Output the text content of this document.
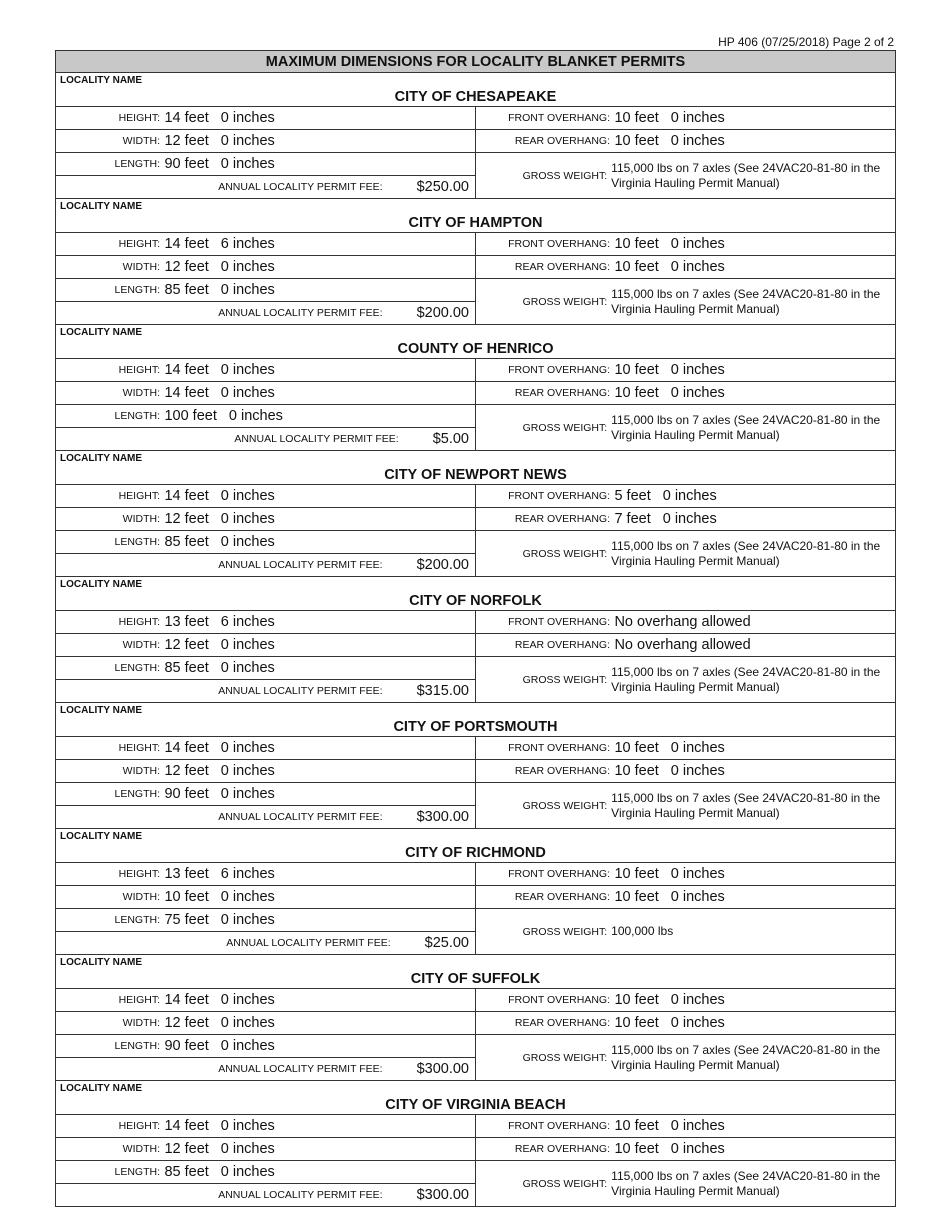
HP 406 (07/25/2018) Page 2 of 2
MAXIMUM DIMENSIONS FOR LOCALITY BLANKET PERMITS	

LOCALITY NAME
CITY OF CHESAPEAKE	

HEIGHT: 14 feet 0 inches	FRONT OVERHANG: 10 feet 0 inches
WIDTH: 12 feet 0 inches	REAR OVERHANG: 10 feet 0 inches
LENGTH: 90 feet 0 inches	GROSS WEIGHT:
115,000 lbs on 7 axles (See 24VAC20-81-80 in the Virginia Hauling Permit Manual)

ANNUAL LOCALITY PERMIT FEE: $250.00	

LOCALITY NAME
CITY OF HAMPTON	

HEIGHT: 14 feet 6 inches	FRONT OVERHANG: 10 feet 0 inches
WIDTH: 12 feet 0 inches	REAR OVERHANG: 10 feet 0 inches
LENGTH: 85 feet 0 inches	GROSS WEIGHT:
115,000 lbs on 7 axles (See 24VAC20-81-80 in the Virginia Hauling Permit Manual)

ANNUAL LOCALITY PERMIT FEE: $200.00	

LOCALITY NAME
COUNTY OF HENRICO	

HEIGHT: 14 feet 0 inches	FRONT OVERHANG: 10 feet 0 inches
WIDTH: 14 feet 0 inches	REAR OVERHANG: 10 feet 0 inches
LENGTH: 100 feet 0 inches	GROSS WEIGHT:
115,000 lbs on 7 axles (See 24VAC20-81-80 in the Virginia Hauling Permit Manual)

ANNUAL LOCALITY PERMIT FEE: $5.00	

LOCALITY NAME
CITY OF NEWPORT NEWS	

HEIGHT: 14 feet 0 inches	FRONT OVERHANG: 5 feet 0 inches
WIDTH: 12 feet 0 inches	REAR OVERHANG: 7 feet 0 inches
LENGTH: 85 feet 0 inches	GROSS WEIGHT:
115,000 lbs on 7 axles (See 24VAC20-81-80 in the Virginia Hauling Permit Manual)

ANNUAL LOCALITY PERMIT FEE: $200.00	

LOCALITY NAME
CITY OF NORFOLK	

HEIGHT: 13 feet 6 inches	FRONT OVERHANG: No overhang allowed
WIDTH: 12 feet 0 inches	REAR OVERHANG: No overhang allowed
LENGTH: 85 feet 0 inches	GROSS WEIGHT:
115,000 lbs on 7 axles (See 24VAC20-81-80 in the Virginia Hauling Permit Manual)

ANNUAL LOCALITY PERMIT FEE: $315.00	

LOCALITY NAME
CITY OF PORTSMOUTH	

HEIGHT: 14 feet 0 inches	FRONT OVERHANG: 10 feet 0 inches
WIDTH: 12 feet 0 inches	REAR OVERHANG: 10 feet 0 inches
LENGTH: 90 feet 0 inches	GROSS WEIGHT:
115,000 lbs on 7 axles (See 24VAC20-81-80 in the Virginia Hauling Permit Manual)

ANNUAL LOCALITY PERMIT FEE: $300.00	

LOCALITY NAME
CITY OF RICHMOND	

HEIGHT: 13 feet 6 inches	FRONT OVERHANG: 10 feet 0 inches
WIDTH: 10 feet 0 inches	REAR OVERHANG: 10 feet 0 inches
LENGTH: 75 feet 0 inches	GROSS WEIGHT: 100,000 lbs

ANNUAL LOCALITY PERMIT FEE: $25.00	

LOCALITY NAME
CITY OF SUFFOLK	

HEIGHT: 14 feet 0 inches	FRONT OVERHANG: 10 feet 0 inches
WIDTH: 12 feet 0 inches	REAR OVERHANG: 10 feet 0 inches
LENGTH: 90 feet 0 inches	GROSS WEIGHT:
115,000 lbs on 7 axles (See 24VAC20-81-80 in the Virginia Hauling Permit Manual)

ANNUAL LOCALITY PERMIT FEE: $300.00	

LOCALITY NAME
CITY OF VIRGINIA BEACH	

HEIGHT: 14 feet 0 inches	FRONT OVERHANG: 10 feet 0 inches
WIDTH: 12 feet 0 inches	REAR OVERHANG: 10 feet 0 inches
LENGTH: 85 feet 0 inches	GROSS WEIGHT:
115,000 lbs on 7 axles (See 24VAC20-81-80 in the Virginia Hauling Permit Manual)

ANNUAL LOCALITY PERMIT FEE: $300.00	
